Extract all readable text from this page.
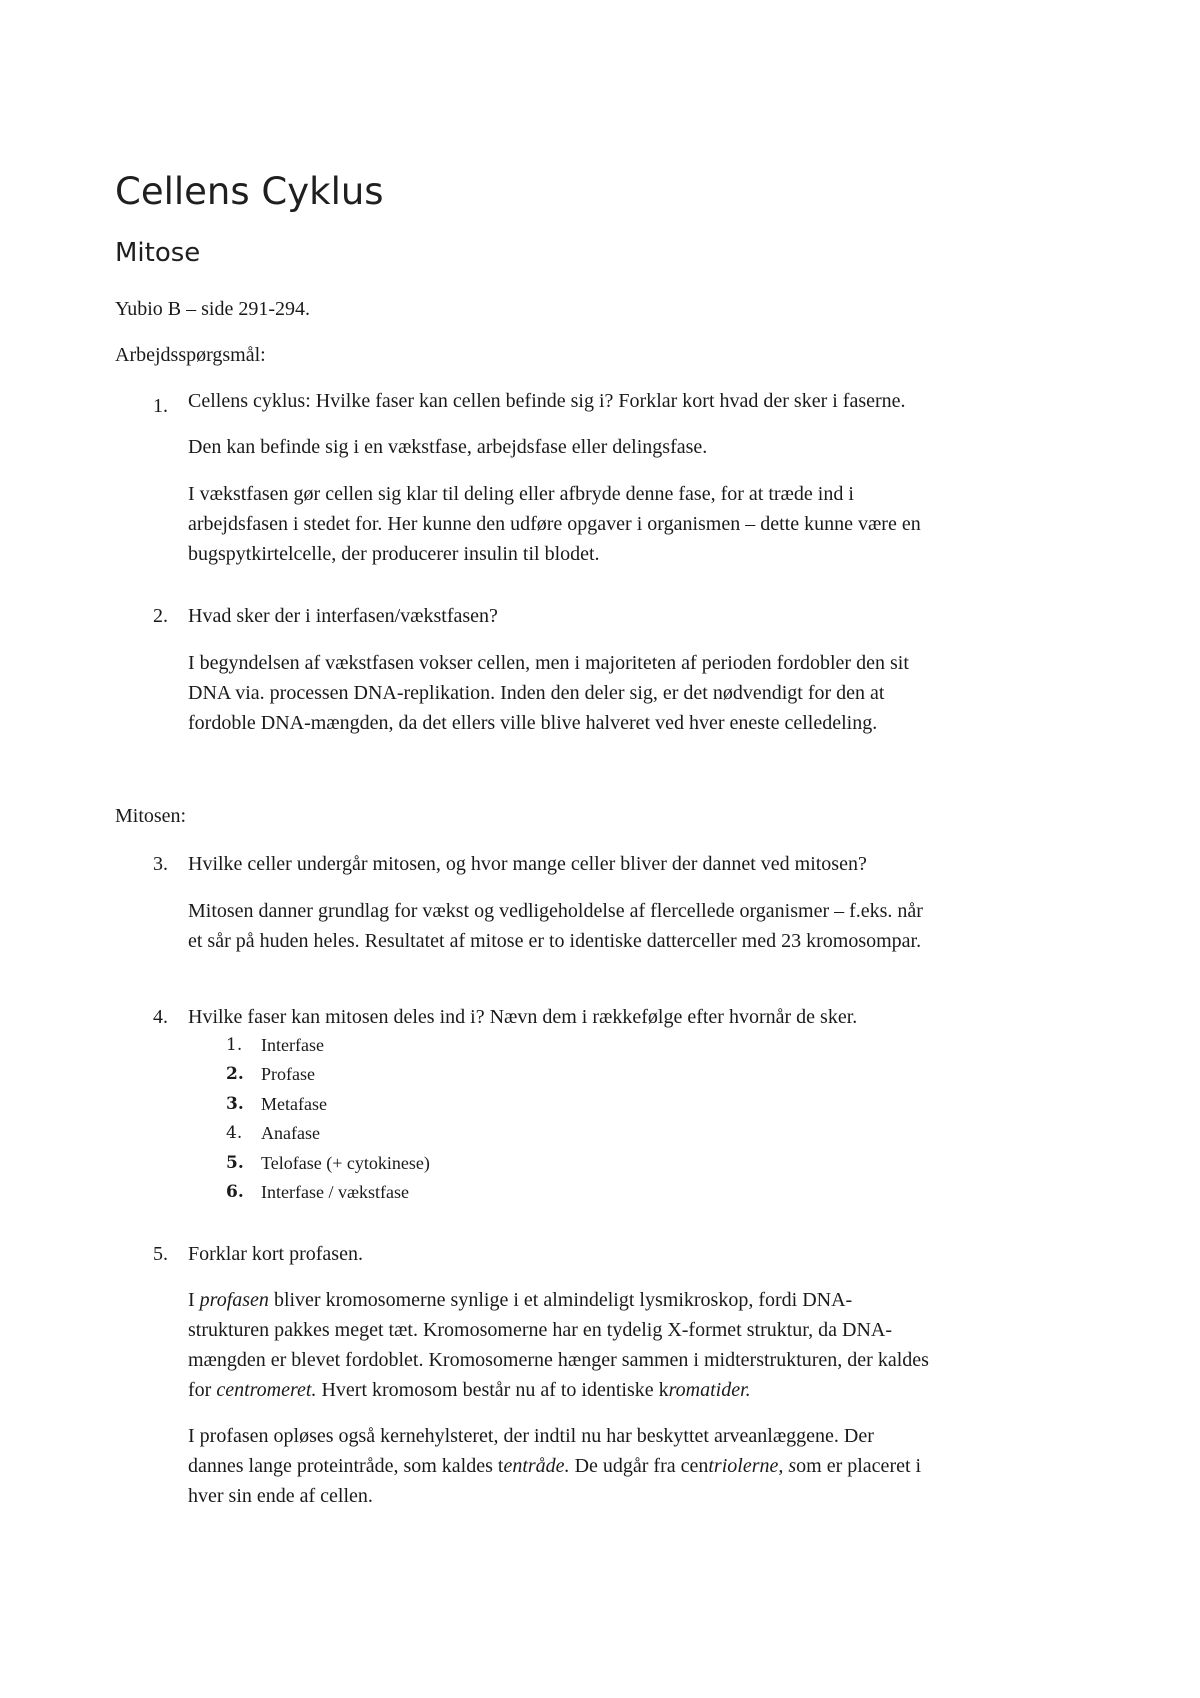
Cellens Cyklus
Mitose
Yubio B – side 291-294.
Arbejdsspørgsmål:
1. Cellens cyklus: Hvilke faser kan cellen befinde sig i? Forklar kort hvad der sker i faserne.
Den kan befinde sig i en vækstfase, arbejdsfase eller delingsfase.
I vækstfasen gør cellen sig klar til deling eller afbryde denne fase, for at træde ind i
arbejdsfasen i stedet for. Her kunne den udføre opgaver i organismen – dette kunne være en
bugspytkirtelcelle, der producerer insulin til blodet.
2. Hvad sker der i interfasen/vækstfasen?
I begyndelsen af vækstfasen vokser cellen, men i majoriteten af perioden fordobler den sit
DNA via. processen DNA-replikation. Inden den deler sig, er det nødvendigt for den at
fordoble DNA-mængden, da det ellers ville blive halveret ved hver eneste celledeling.
Mitosen:
3. Hvilke celler undergår mitosen, og hvor mange celler bliver der dannet ved mitosen?
Mitosen danner grundlag for vækst og vedligeholdelse af flercellede organismer – f.eks. når
et sår på huden heles. Resultatet af mitose er to identiske datterceller med 23 kromosompar.
4. Hvilke faser kan mitosen deles ind i? Nævn dem i rækkefølge efter hvornår de sker.
1. Interfase
2. Profase
3. Metafase
4. Anafase
5. Telofase (+ cytokinese)
6. Interfase / vækstfase
5. Forklar kort profasen.
I profasen bliver kromosomerne synlige i et almindeligt lysmikroskop, fordi DNA-
strukturen pakkes meget tæt. Kromosomerne har en tydelig X-formet struktur, da DNA-
mængden er blevet fordoblet. Kromosomerne hænger sammen i midterstrukturen, der kaldes
for centromeret. Hvert kromosom består nu af to identiske kromatider.
I profasen opløses også kernehylsteret, der indtil nu har beskyttet arveanlæggene. Der
dannes lange proteintråde, som kaldes tentråde. De udgår fra centriolerne, som er placeret i
hver sin ende af cellen.
